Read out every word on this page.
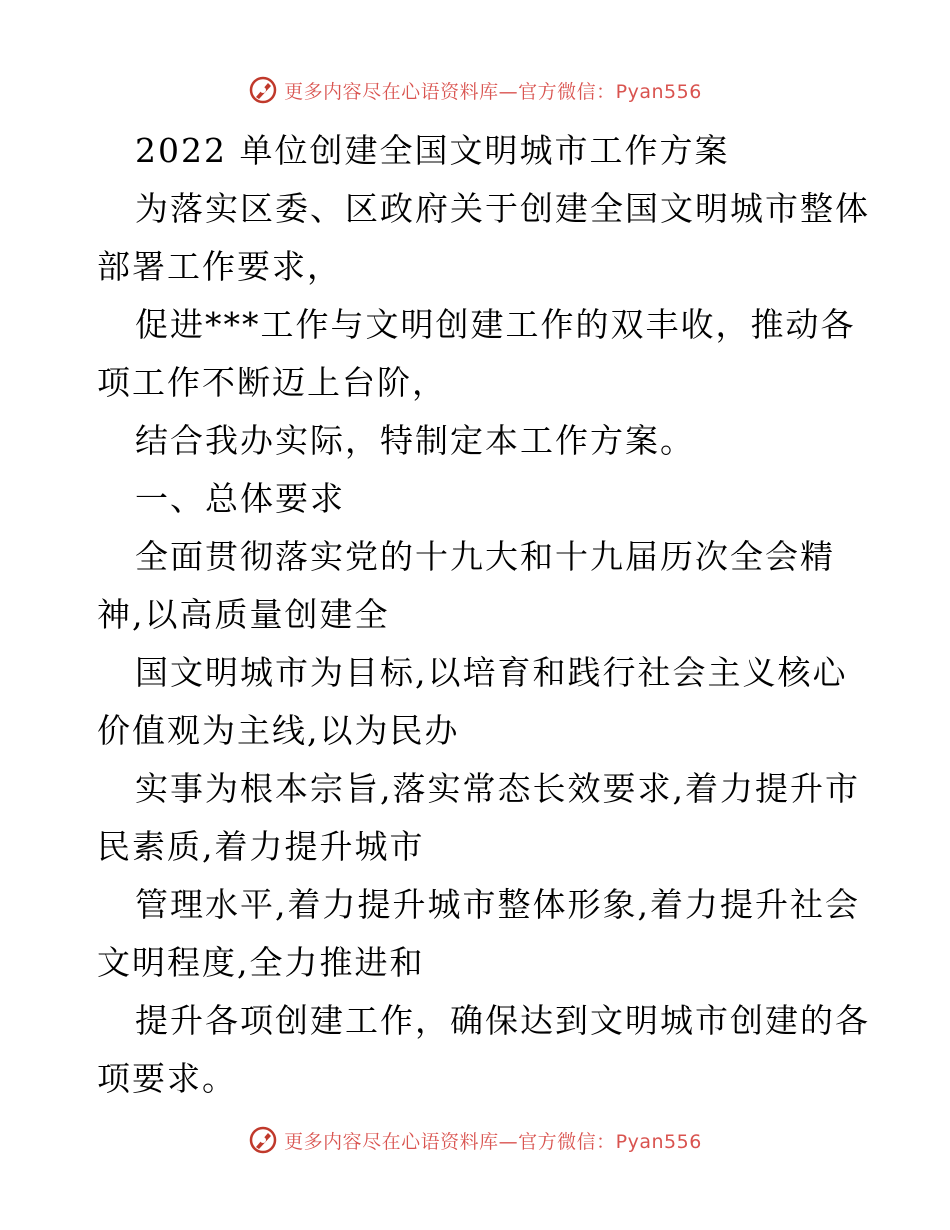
更多内容尽在心语资料库—官方微信：Pyan556
2022 单位创建全国文明城市工作方案
为落实区委、区政府关于创建全国文明城市整体
部署工作要求，
促进***工作与文明创建工作的双丰收，推动各
项工作不断迈上台阶，
结合我办实际，特制定本工作方案。
一、总体要求
全面贯彻落实党的十九大和十九届历次全会精
神,以高质量创建全
国文明城市为目标,以培育和践行社会主义核心
价值观为主线,以为民办
实事为根本宗旨,落实常态长效要求,着力提升市
民素质,着力提升城市
管理水平,着力提升城市整体形象,着力提升社会
文明程度,全力推进和
提升各项创建工作，确保达到文明城市创建的各
项要求。
更多内容尽在心语资料库—官方微信：Pyan556
